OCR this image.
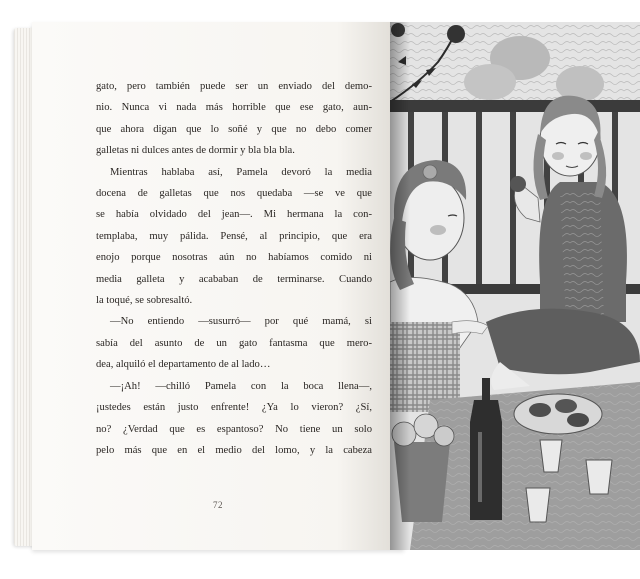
gato, pero también puede ser un enviado del demo-
nio. Nunca vi nada más horrible que ese gato, aun-
que ahora digan que lo soñé y que no debo comer
galletas ni dulces antes de dormir y bla bla bla.
Mientras hablaba así, Pamela devoró la media
docena de galletas que nos quedaba —se ve que
se había olvidado del jean—. Mi hermana la con-
templaba, muy pálida. Pensé, al principio, que era
enojo porque nosotras aún no habíamos comido ni
media galleta y acababan de terminarse. Cuando
la toqué, se sobresaltó.
—No entiendo —susurró— por qué mamá, si
sabía del asunto de un gato fantasma que mero-
dea, alquiló el departamento de al lado…
—¡Ah! —chilló Pamela con la boca llena—,
¡ustedes están justo enfrente! ¿Ya lo vieron? ¿Sí,
no? ¿Verdad que es espantoso? No tiene un solo
pelo más que en el medio del lomo, y la cabeza
72
